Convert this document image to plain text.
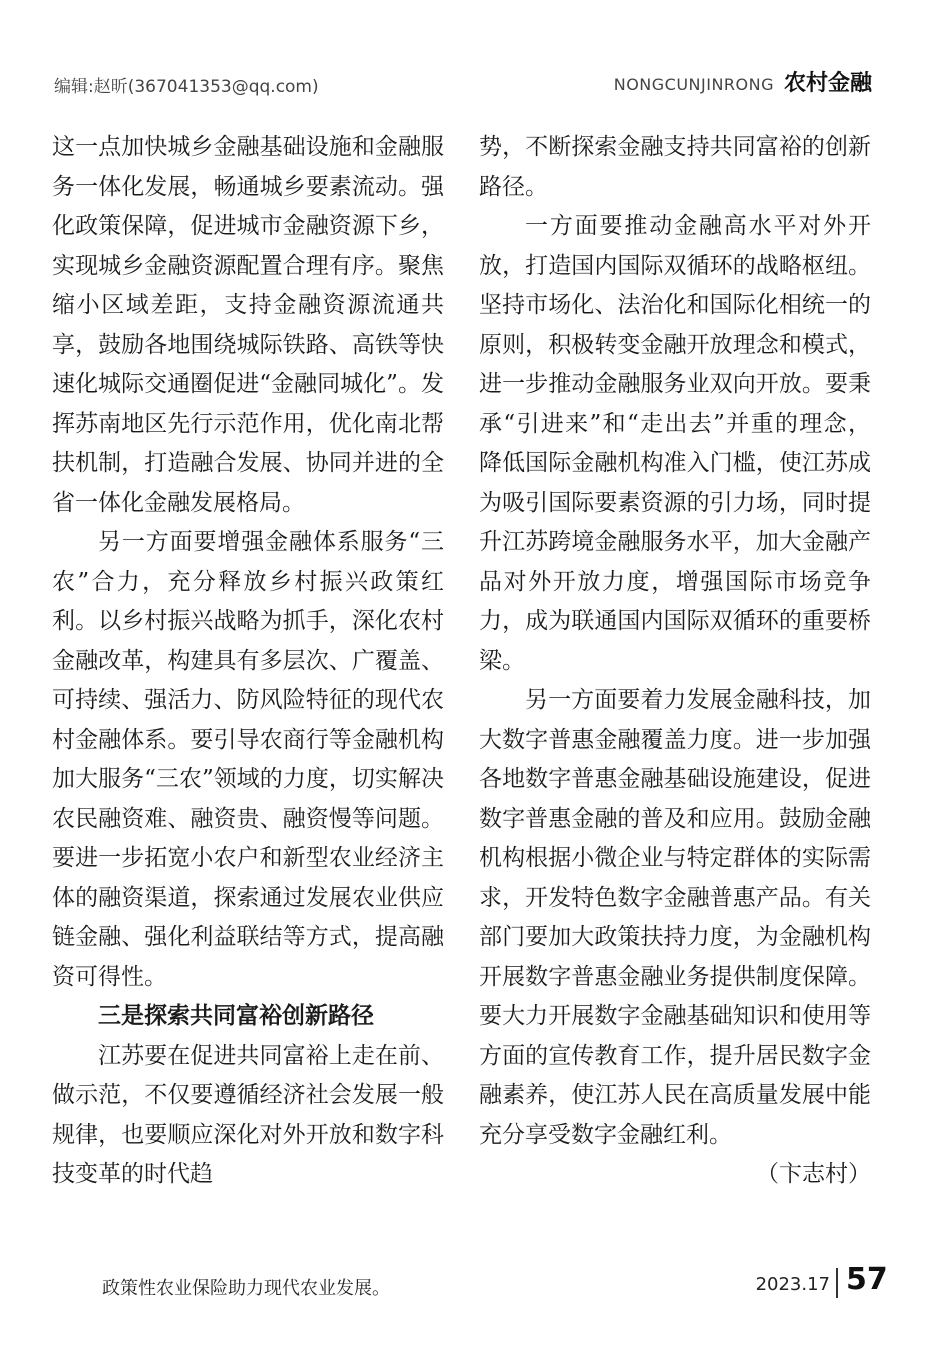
编辑:赵昕(367041353@qq.com)	NONGCUNJINRONG 农村金融

这一点加快城乡金融基础设施和金融服务一体化发展，畅通城乡要素流动。强化政策保障，促进城市金融资源下乡，实现城乡金融资源配置合理有序。聚焦缩小区域差距，支持金融资源流通共享，鼓励各地围绕城际铁路、高铁等快速化城际交通圈促进“金融同城化”。发挥苏南地区先行示范作用，优化南北帮扶机制，打造融合发展、协同并进的全省一体化金融发展格局。

另一方面要增强金融体系服务“三农”合力，充分释放乡村振兴政策红利。以乡村振兴战略为抓手，深化农村金融改革，构建具有多层次、广覆盖、可持续、强活力、防风险特征的现代农村金融体系。要引导农商行等金融机构加大服务“三农”领域的力度，切实解决农民融资难、融资贵、融资慢等问题。要进一步拓宽小农户和新型农业经济主体的融资渠道，探索通过发展农业供应链金融、强化利益联结等方式，提高融资可得性。

三是探索共同富裕创新路径

江苏要在促进共同富裕上走在前、做示范，不仅要遵循经济社会发展一般规律，也要顺应深化对外开放和数字科技变革的时代趋

势，不断探索金融支持共同富裕的创新路径。

一方面要推动金融高水平对外开放，打造国内国际双循环的战略枢纽。坚持市场化、法治化和国际化相统一的原则，积极转变金融开放理念和模式，进一步推动金融服务业双向开放。要秉承“引进来”和“走出去”并重的理念，降低国际金融机构准入门槛，使江苏成为吸引国际要素资源的引力场，同时提升江苏跨境金融服务水平，加大金融产品对外开放力度，增强国际市场竞争力，成为联通国内国际双循环的重要桥梁。

另一方面要着力发展金融科技，加大数字普惠金融覆盖力度。进一步加强各地数字普惠金融基础设施建设，促进数字普惠金融的普及和应用。鼓励金融机构根据小微企业与特定群体的实际需求，开发特色数字金融普惠产品。有关部门要加大政策扶持力度，为金融机构开展数字普惠金融业务提供制度保障。要大力开展数字金融基础知识和使用等方面的宣传教育工作，提升居民数字金融素养，使江苏人民在高质量发展中能充分享受数字金融红利。
（卞志村）

政策性农业保险助力现代农业发展。	2023.17 57
